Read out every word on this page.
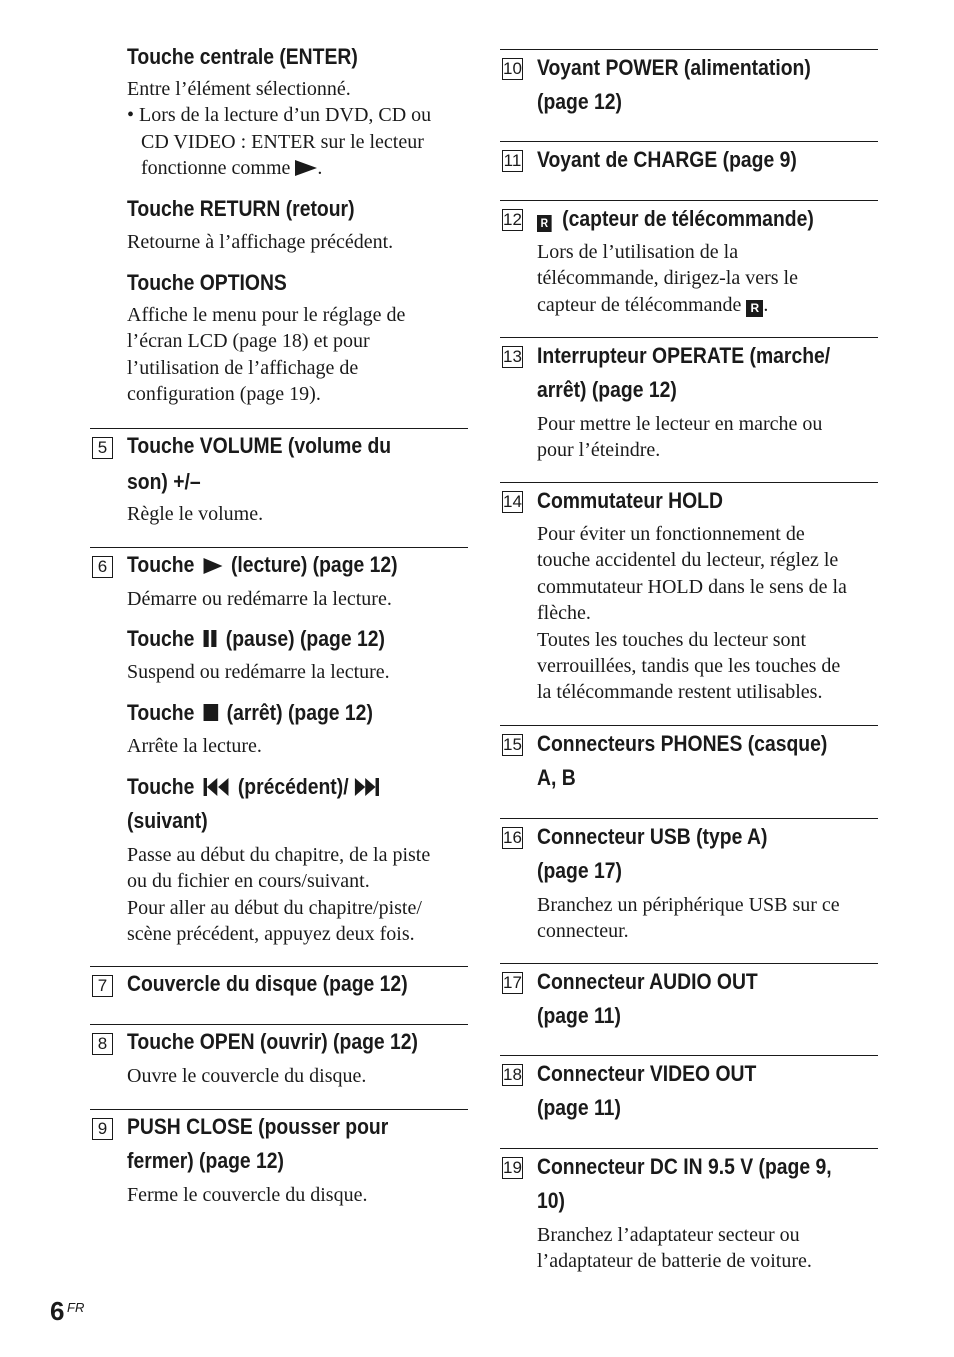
Touche centrale (ENTER)
Entre l’élément sélectionné.
• Lors de la lecture d’un DVD, CD ou
CD VIDEO : ENTER sur le lecteur
fonctionne comme .
Touche RETURN (retour)
Retourne à l’affichage précédent.
Touche OPTIONS
Affiche le menu pour le réglage de
l’écran LCD (page 18) et pour
l’utilisation de l’affichage de
configuration (page 19).
5 Touche VOLUME (volume du
son) +/–
Règle le volume.
6 Touche (lecture) (page 12)
Démarre ou redémarre la lecture.
Touche (pause) (page 12)
Suspend ou redémarre la lecture.
Touche (arrêt) (page 12)
Arrête la lecture.
Touche (précédent)/
(suivant)
Passe au début du chapitre, de la piste
ou du fichier en cours/suivant.
Pour aller au début du chapitre/piste/
scène précédent, appuyez deux fois.
7 Couvercle du disque (page 12)
8 Touche OPEN (ouvrir) (page 12)
Ouvre le couvercle du disque.
9 PUSH CLOSE (pousser pour
fermer) (page 12)
Ferme le couvercle du disque.
10 Voyant POWER (alimentation)
(page 12)
11 Voyant de CHARGE (page 9)
12 R (capteur de télécommande)
Lors de l’utilisation de la
télécommande, dirigez-la vers le
capteur de télécommande R .
13 Interrupteur OPERATE (marche/
arrêt) (page 12)
Pour mettre le lecteur en marche ou
pour l’éteindre.
14 Commutateur HOLD
Pour éviter un fonctionnement de
touche accidentel du lecteur, réglez le
commutateur HOLD dans le sens de la
flèche.
Toutes les touches du lecteur sont
verrouillées, tandis que les touches de
la télécommande restent utilisables.
15 Connecteurs PHONES (casque)
A, B
16 Connecteur USB (type A)
(page 17)
Branchez un périphérique USB sur ce
connecteur.
17 Connecteur AUDIO OUT
(page 11)
18 Connecteur VIDEO OUT
(page 11)
19 Connecteur DC IN 9.5 V (page 9,
10)
Branchez l’adaptateur secteur ou
l’adaptateur de batterie de voiture.
6 FR
